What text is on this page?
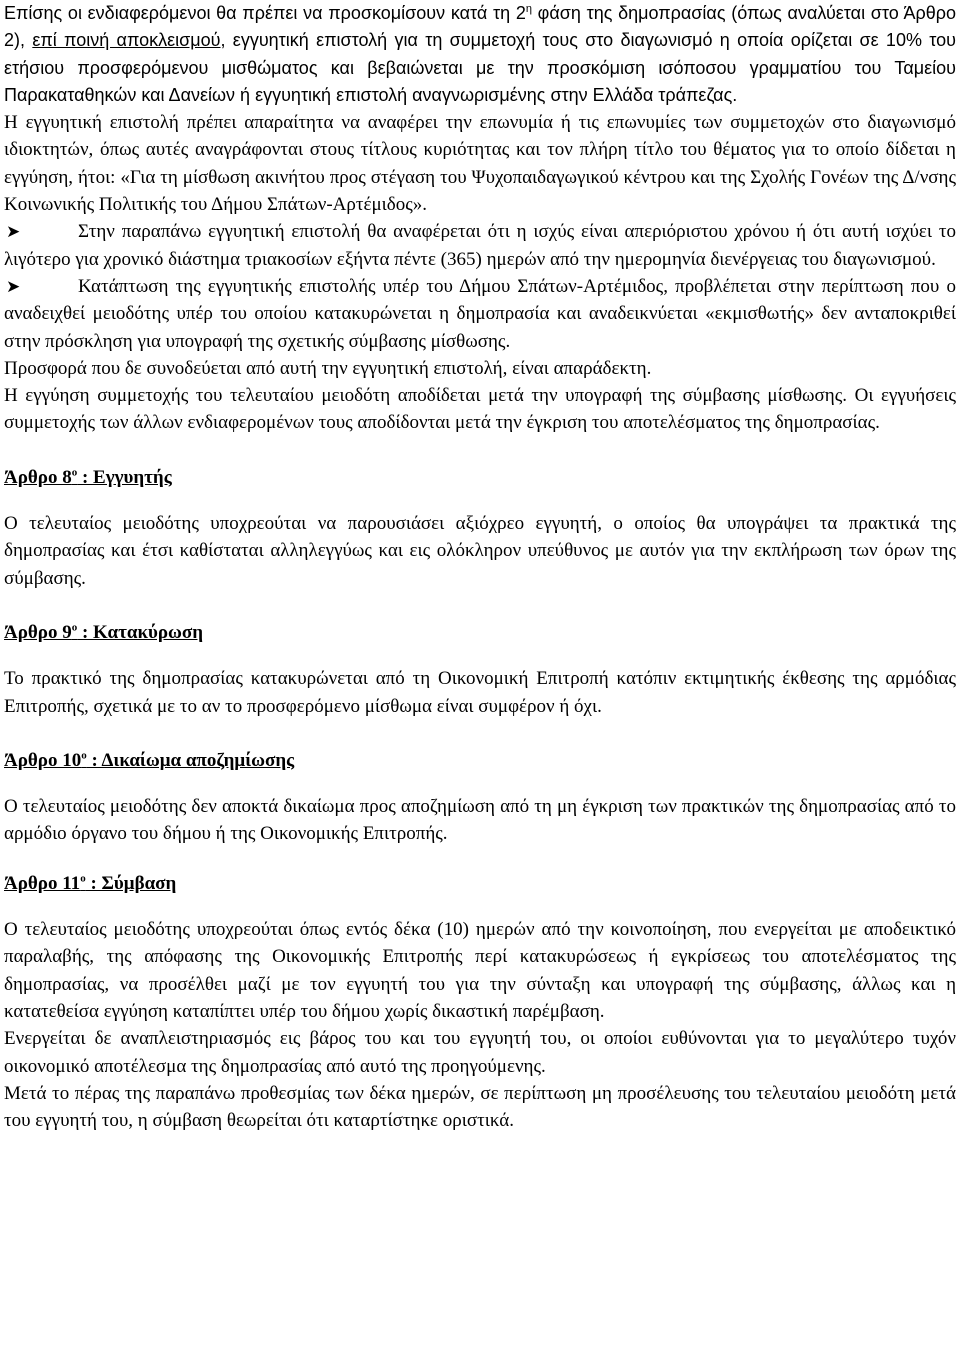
Επίσης οι ενδιαφερόμενοι θα πρέπει να προσκομίσουν κατά τη $2^\eta$ φάση της δημοπρασίας (όπως αναλύεται στο Άρθρο 2), επί ποινή αποκλεισμού, εγγυητική επιστολή για τη συμμετοχή τους στο διαγωνισμό η οποία ορίζεται σε 10% του ετήσιου προσφερόμενου μισθώματος και βεβαιώνεται με την προσκόμιση ισόποσου γραμματίου του Ταμείου Παρακαταθηκών και Δανείων ή εγγυητική επιστολή αναγνωρισμένης στην Ελλάδα τράπεζας.

Η εγγυητική επιστολή πρέπει απαραίτητα να αναφέρει την επωνυμία ή τις επωνυμίες των συμμετοχών στο διαγωνισμό ιδιοκτητών, όπως αυτές αναγράφονται στους τίτλους κυριότητας και τον πλήρη τίτλο του θέματος για το οποίο δίδεται η εγγύηση, ήτοι: «Για τη μίσθωση ακινήτου προς στέγαση του Ψυχοπαιδαγωγικού κέντρου και της Σχολής Γονέων της Δ/νσης Κοινωνικής Πολιτικής του Δήμου Σπάτων-Αρτέμιδος».

➤	Στην παραπάνω εγγυητική επιστολή θα αναφέρεται ότι η ισχύς είναι απεριόριστου χρόνου ή ότι αυτή ισχύει το λιγότερο για χρονικό διάστημα τριακοσίων εξήντα πέντε (365) ημερών από την ημερομηνία διενέργειας του διαγωνισμού.

➤	Κατάπτωση της εγγυητικής επιστολής υπέρ του Δήμου Σπάτων-Αρτέμιδος, προβλέπεται στην περίπτωση που ο αναδειχθεί μειοδότης υπέρ του οποίου κατακυρώνεται η δημοπρασία και αναδεικνύεται «εκμισθωτής» δεν ανταποκριθεί στην πρόσκληση για υπογραφή της σχετικής σύμβασης μίσθωσης.

Προσφορά που δε συνοδεύεται από αυτή την εγγυητική επιστολή, είναι απαράδεκτη.

Η εγγύηση συμμετοχής του τελευταίου μειοδότη αποδίδεται μετά την υπογραφή της σύμβασης μίσθωσης. Οι εγγυήσεις συμμετοχής των άλλων ενδιαφερομένων τους αποδίδονται μετά την έγκριση του αποτελέσματος της δημοπρασίας.

Άρθρο $8^o$ : Εγγυητής

Ο τελευταίος μειοδότης υποχρεούται να παρουσιάσει αξιόχρεο εγγυητή, ο οποίος θα υπογράψει τα πρακτικά της δημοπρασίας και έτσι καθίσταται αλληλεγγύως και εις ολόκληρον υπεύθυνος με αυτόν για την εκπλήρωση των όρων της σύμβασης.

Άρθρο $9^o$ : Κατακύρωση

Το πρακτικό της δημοπρασίας κατακυρώνεται από τη Οικονομική Επιτροπή κατόπιν εκτιμητικής έκθεσης της αρμόδιας Επιτροπής, σχετικά με το αν το προσφερόμενο μίσθωμα είναι συμφέρον ή όχι.

Άρθρο $10^o$ : Δικαίωμα αποζημίωσης

Ο τελευταίος μειοδότης δεν αποκτά δικαίωμα προς αποζημίωση από τη μη έγκριση των πρακτικών της δημοπρασίας από το αρμόδιο όργανο του δήμου ή της Οικονομικής Επιτροπής.

Άρθρο $11^o$ : Σύμβαση

Ο τελευταίος μειοδότης υποχρεούται όπως εντός δέκα (10) ημερών από την κοινοποίηση, που ενεργείται με αποδεικτικό παραλαβής, της απόφασης της Οικονομικής Επιτροπής περί κατακυρώσεως ή εγκρίσεως του αποτελέσματος της δημοπρασίας, να προσέλθει μαζί με τον εγγυητή του για την σύνταξη και υπογραφή της σύμβασης, άλλως και η κατατεθείσα εγγύηση καταπίπτει υπέρ του δήμου χωρίς δικαστική παρέμβαση.

Ενεργείται δε αναπλειστηριασμός εις βάρος του και του εγγυητή του, οι οποίοι ευθύνονται για το μεγαλύτερο τυχόν οικονομικό αποτέλεσμα της δημοπρασίας από αυτό της προηγούμενης.

Μετά το πέρας της παραπάνω προθεσμίας των δέκα ημερών, σε περίπτωση μη προσέλευσης του τελευταίου μειοδότη μετά του εγγυητή του, η σύμβαση θεωρείται ότι καταρτίστηκε οριστικά.
